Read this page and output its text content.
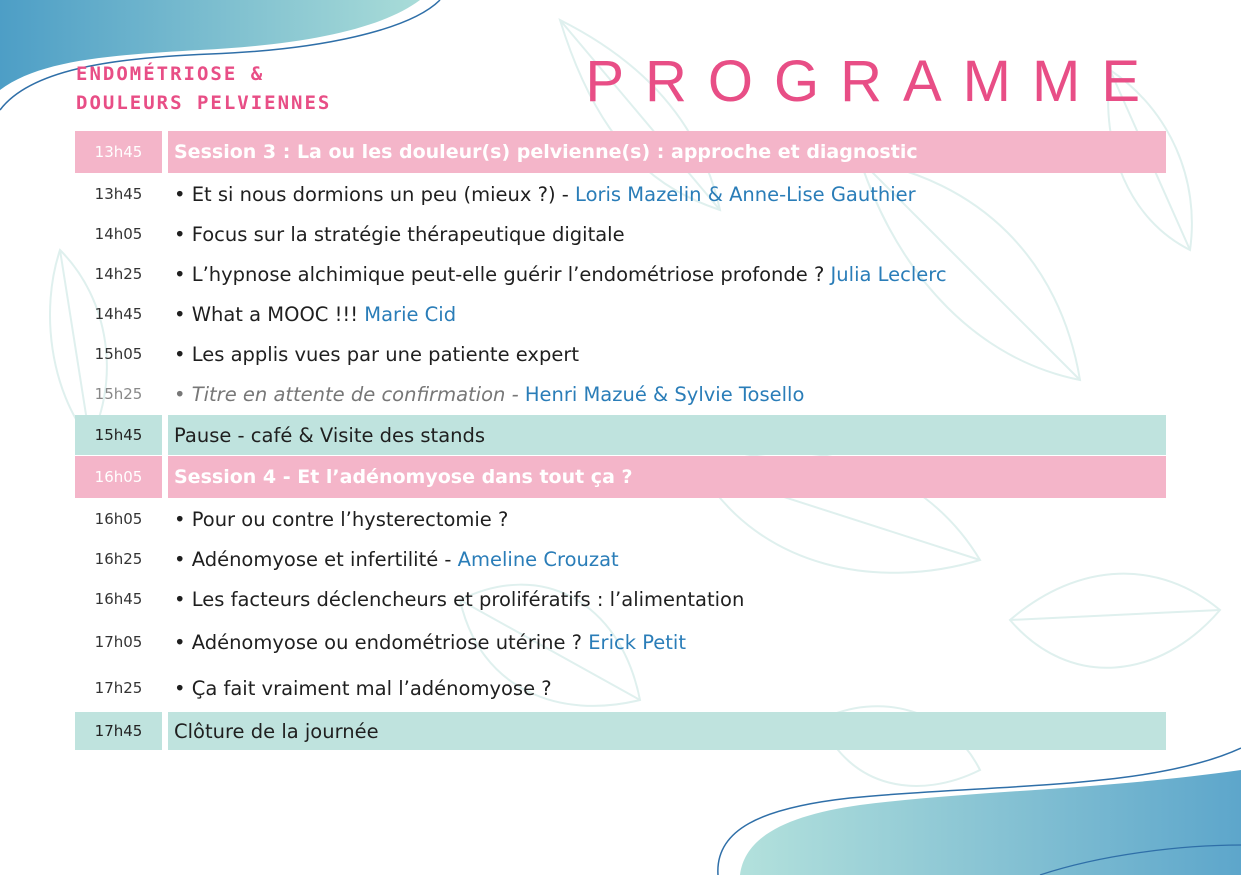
ENDOMÉTRIOSE &
DOULEURS PELVIENNES	PROGRAMME
13h45	Session 3 : La ou les douleur(s) pelvienne(s) : approche et diagnostic
13h45	• Et si nous dormions un peu (mieux ?) - Loris Mazelin & Anne-Lise Gauthier
14h05	• Focus sur la stratégie thérapeutique digitale
14h25	• L’hypnose alchimique peut-elle guérir l’endométriose profonde ? Julia Leclerc
14h45	• What a MOOC !!! Marie Cid
15h05	• Les applis vues par une patiente expert
15h25	• Titre en attente de confirmation - Henri Mazué & Sylvie Tosello
15h45	Pause - café & Visite des stands
16h05	Session 4 - Et l’adénomyose dans tout ça ?
16h05	• Pour ou contre l’hysterectomie ?
16h25	• Adénomyose et infertilité - Ameline Crouzat
16h45	• Les facteurs déclencheurs et prolifératifs : l’alimentation
17h05	• Adénomyose ou endométriose utérine ? Erick Petit
17h25	• Ça fait vraiment mal l’adénomyose ?
17h45	Clôture de la journée
